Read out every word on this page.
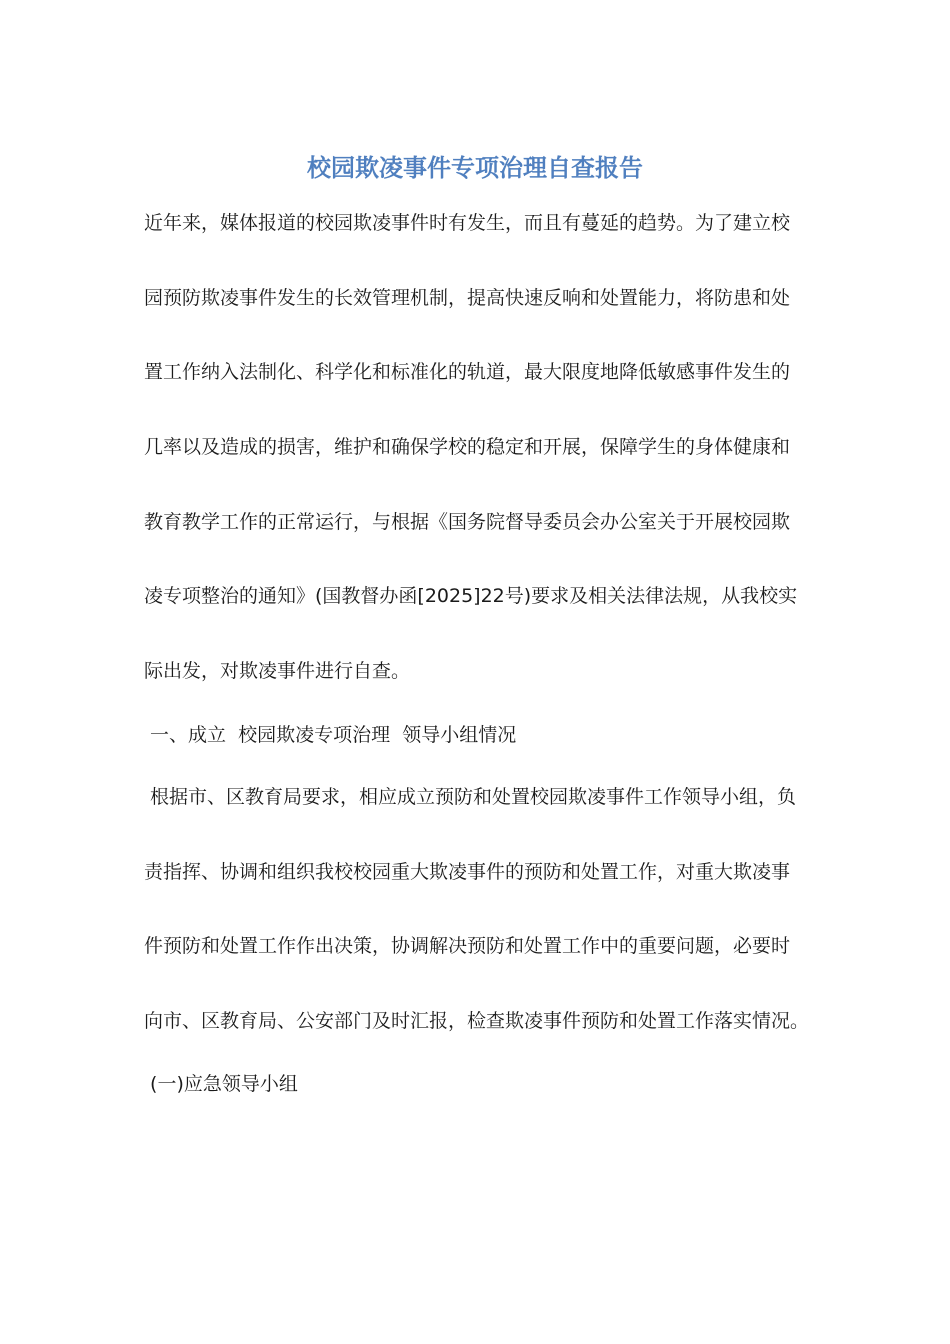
校园欺凌事件专项治理自查报告
近年来，媒体报道的校园欺凌事件时有发生，而且有蔓延的趋势。为了建立校
园预防欺凌事件发生的长效管理机制，提高快速反响和处置能力，将防患和处
置工作纳入法制化、科学化和标准化的轨道，最大限度地降低敏感事件发生的
几率以及造成的损害，维护和确保学校的稳定和开展，保障学生的身体健康和
教育教学工作的正常运行，与根据《国务院督导委员会办公室关于开展校园欺
凌专项整治的通知》(国教督办函[2025]22号)要求及相关法律法规，从我校实
际出发，对欺凌事件进行自查。
一、成立  校园欺凌专项治理  领导小组情况
根据市、区教育局要求，相应成立预防和处置校园欺凌事件工作领导小组，负
责指挥、协调和组织我校校园重大欺凌事件的预防和处置工作，对重大欺凌事
件预防和处置工作作出决策，协调解决预防和处置工作中的重要问题，必要时
向市、区教育局、公安部门及时汇报，检查欺凌事件预防和处置工作落实情况。
(一)应急领导小组
